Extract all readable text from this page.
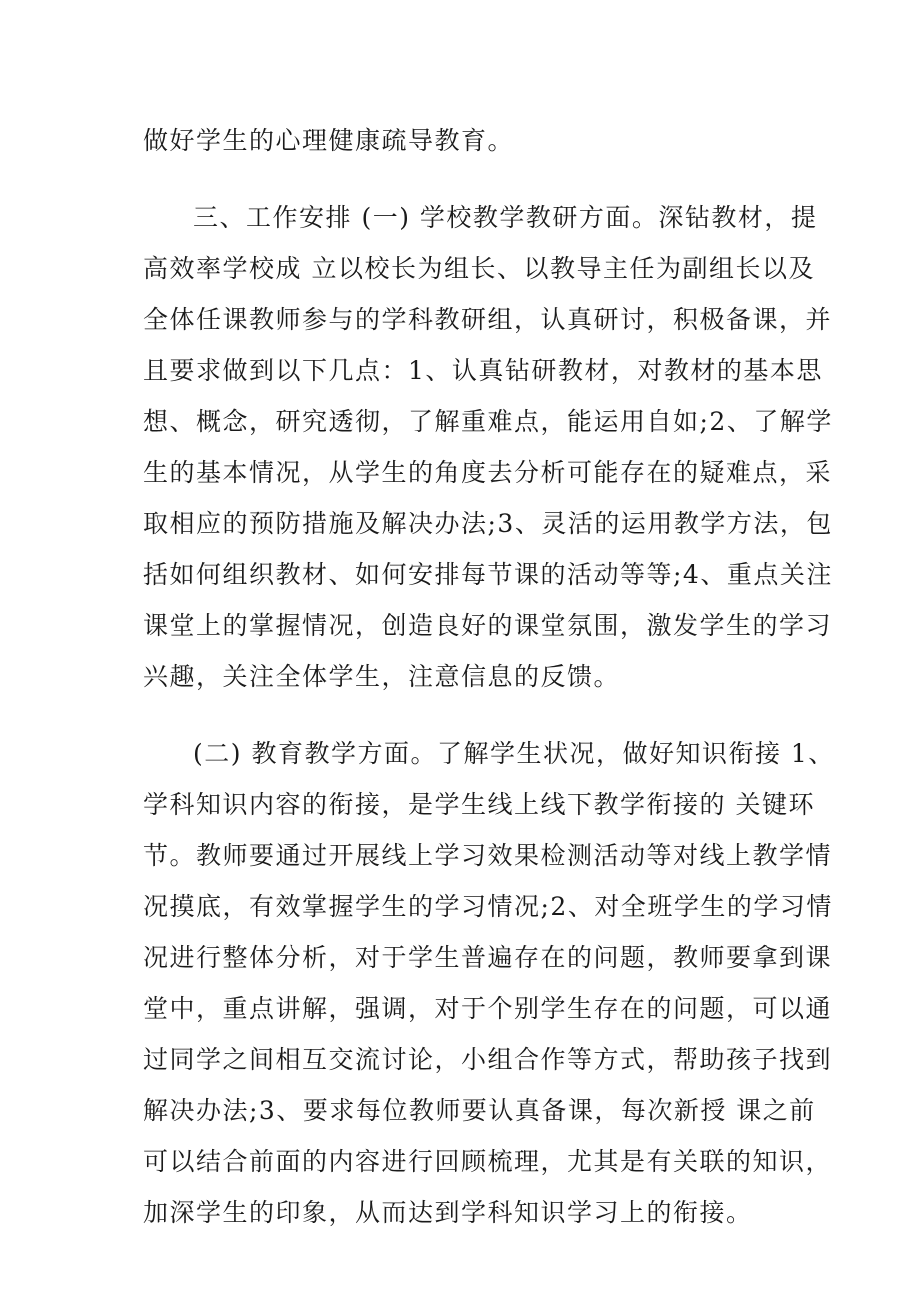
做好学生的心理健康疏导教育。
三、工作安排 (一) 学校教学教研方面。深钻教材，提
高效率学校成 立以校长为组长、以教导主任为副组长以及
全体任课教师参与的学科教研组，认真研讨，积极备课，并
且要求做到以下几点：1、认真钻研教材，对教材的基本思
想、概念，研究透彻，了解重难点，能运用自如;2、了解学
生的基本情况，从学生的角度去分析可能存在的疑难点，采
取相应的预防措施及解决办法;3、灵活的运用教学方法，包
括如何组织教材、如何安排每节课的活动等等;4、重点关注
课堂上的掌握情况，创造良好的课堂氛围，激发学生的学习
兴趣，关注全体学生，注意信息的反馈。
(二) 教育教学方面。了解学生状况，做好知识衔接 1、
学科知识内容的衔接，是学生线上线下教学衔接的 关键环
节。教师要通过开展线上学习效果检测活动等对线上教学情
况摸底，有效掌握学生的学习情况;2、对全班学生的学习情
况进行整体分析，对于学生普遍存在的问题，教师要拿到课
堂中，重点讲解，强调，对于个别学生存在的问题，可以通
过同学之间相互交流讨论，小组合作等方式，帮助孩子找到
解决办法;3、要求每位教师要认真备课，每次新授 课之前
可以结合前面的内容进行回顾梳理，尤其是有关联的知识，
加深学生的印象，从而达到学科知识学习上的衔接。
